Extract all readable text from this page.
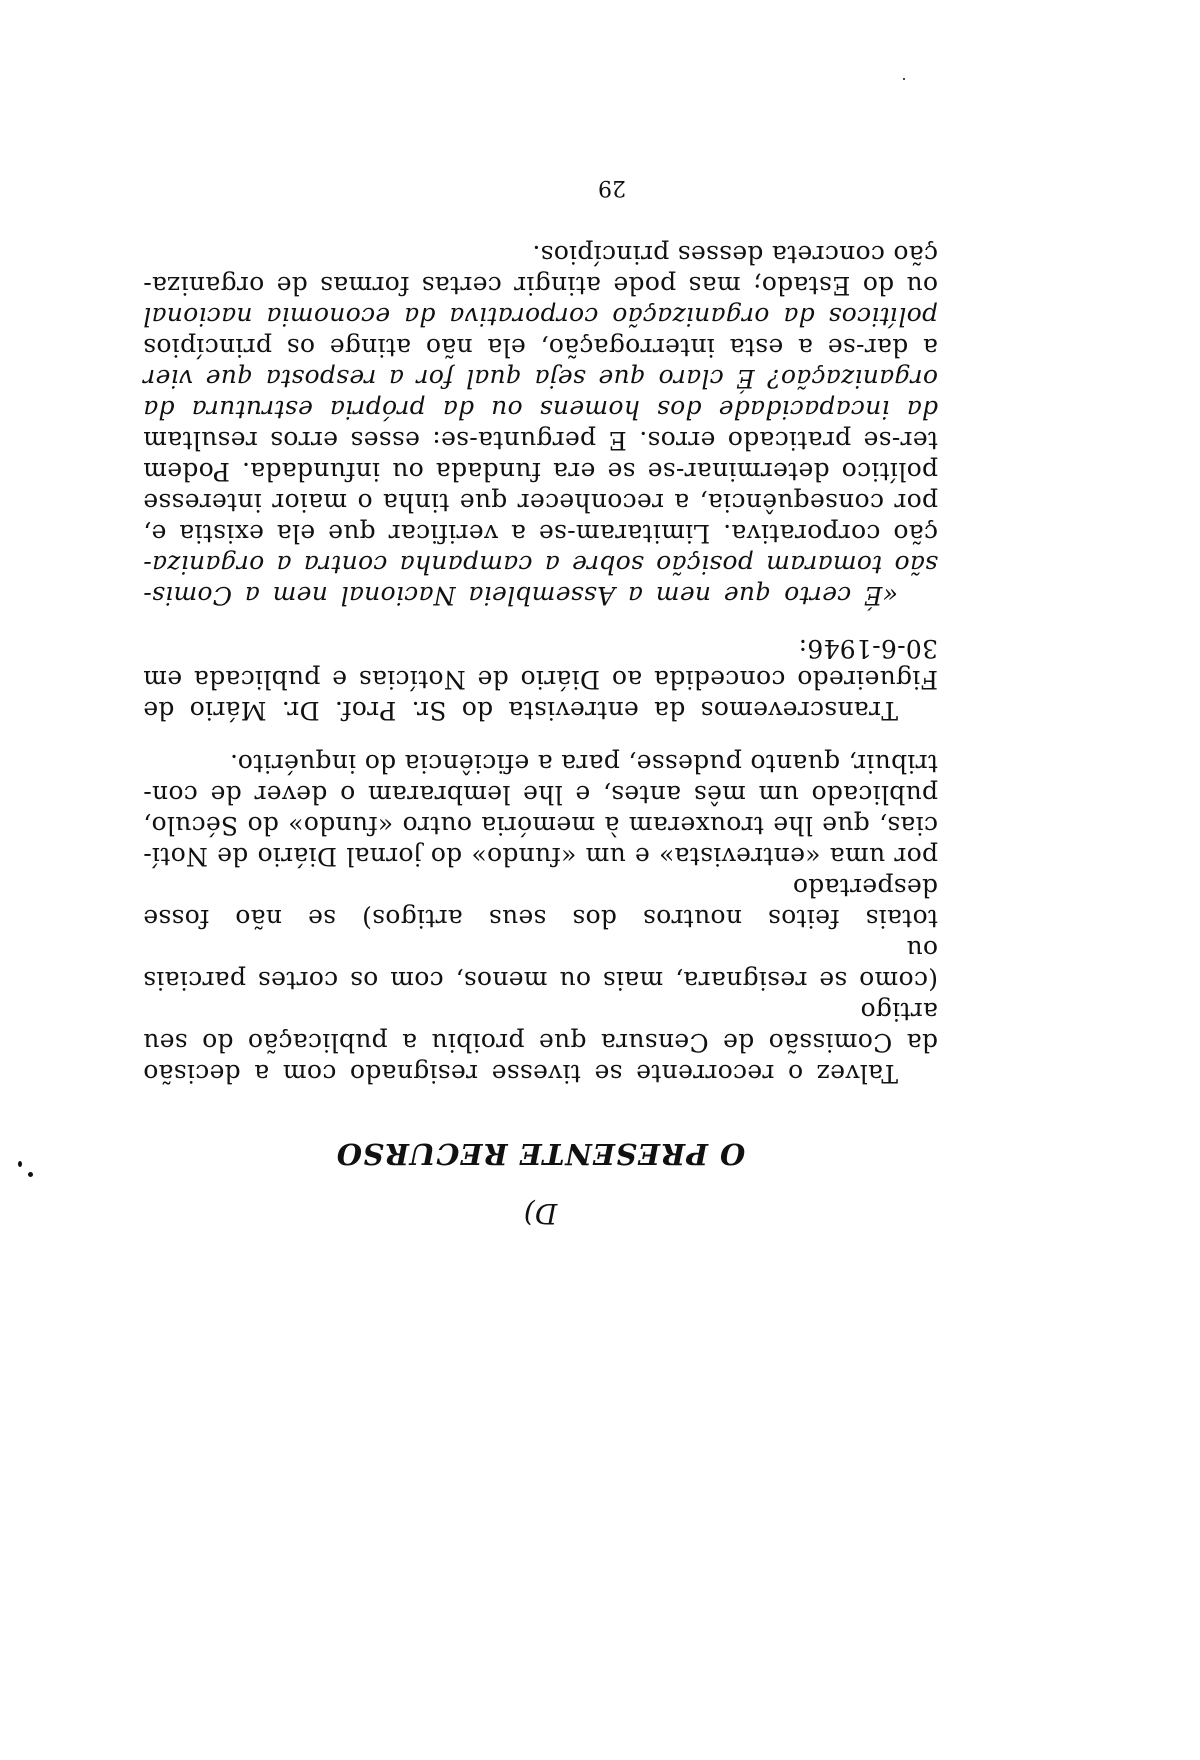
D)
O PRESENTE RECURSO

Talvez o recorrente se tivesse resignado com a decisão
da Comissão de Censura que proibiu a publicação do seu artigo
(como se resignara, mais ou menos, com os cortes parciais ou
totais feitos noutros dos seus artigos) se não fosse despertado
por uma «entrevista» e um «fundo» do jornal Diário de Notí-
cias, que lhe trouxeram à memória outro «fundo» do Século,
publicado um mês antes, e lhe lembraram o dever de con-
tribuir, quanto pudesse, para a eficiência do inquérito.

Transcrevemos da entrevista do Sr. Prof. Dr. Mário de
Figueiredo concedida ao Diário de Notícias e publicada em
30-6-1946:

«É certo que nem a Assembleia Nacional nem a Comis-
são tomaram posição sobre a campanha contra a organiza-
ção corporativa. Limitaram-se a verificar que ela existia e,
por consequência, a reconhecer que tinha o maior interesse
político determinar-se se era fundada ou infundada. Podem
ter-se praticado erros. E pergunta-se: esses erros resultam
da incapacidade dos homens ou da própria estrutura da
organização? É claro que seja qual for a resposta que vier
a dar-se a esta interrogação, ela não atinge os princípios
políticos da organização corporativa da economia nacional
ou do Estado; mas pode atingir certas formas de organiza-
ção concreta desses princípios.

29
